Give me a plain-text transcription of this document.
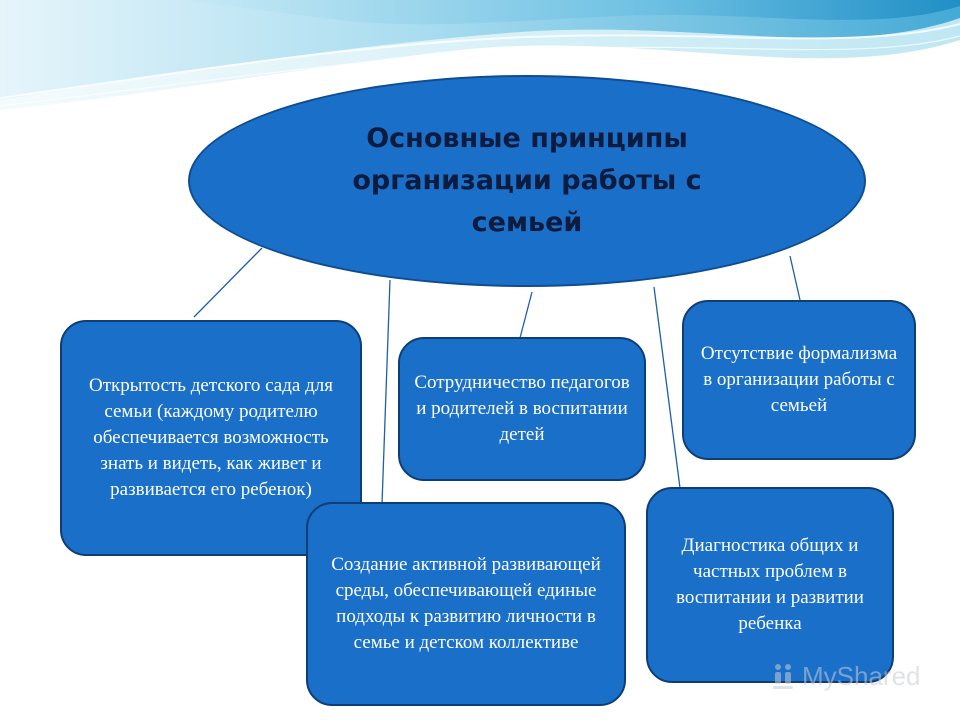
Основные принципы организации работы с семьей
Открытость детского сада для семьи (каждому родителю обеспечивается возможность знать и видеть, как живет и развивается его ребенок)
Сотрудничество педагогов и родителей в воспитании детей
Отсутствие формализма в организации работы с семьей
Создание активной развивающей среды, обеспечивающей единые подходы к развитию личности в семье и детском коллективе
Диагностика общих и частных проблем в воспитании и развитии ребенка
MyShared
